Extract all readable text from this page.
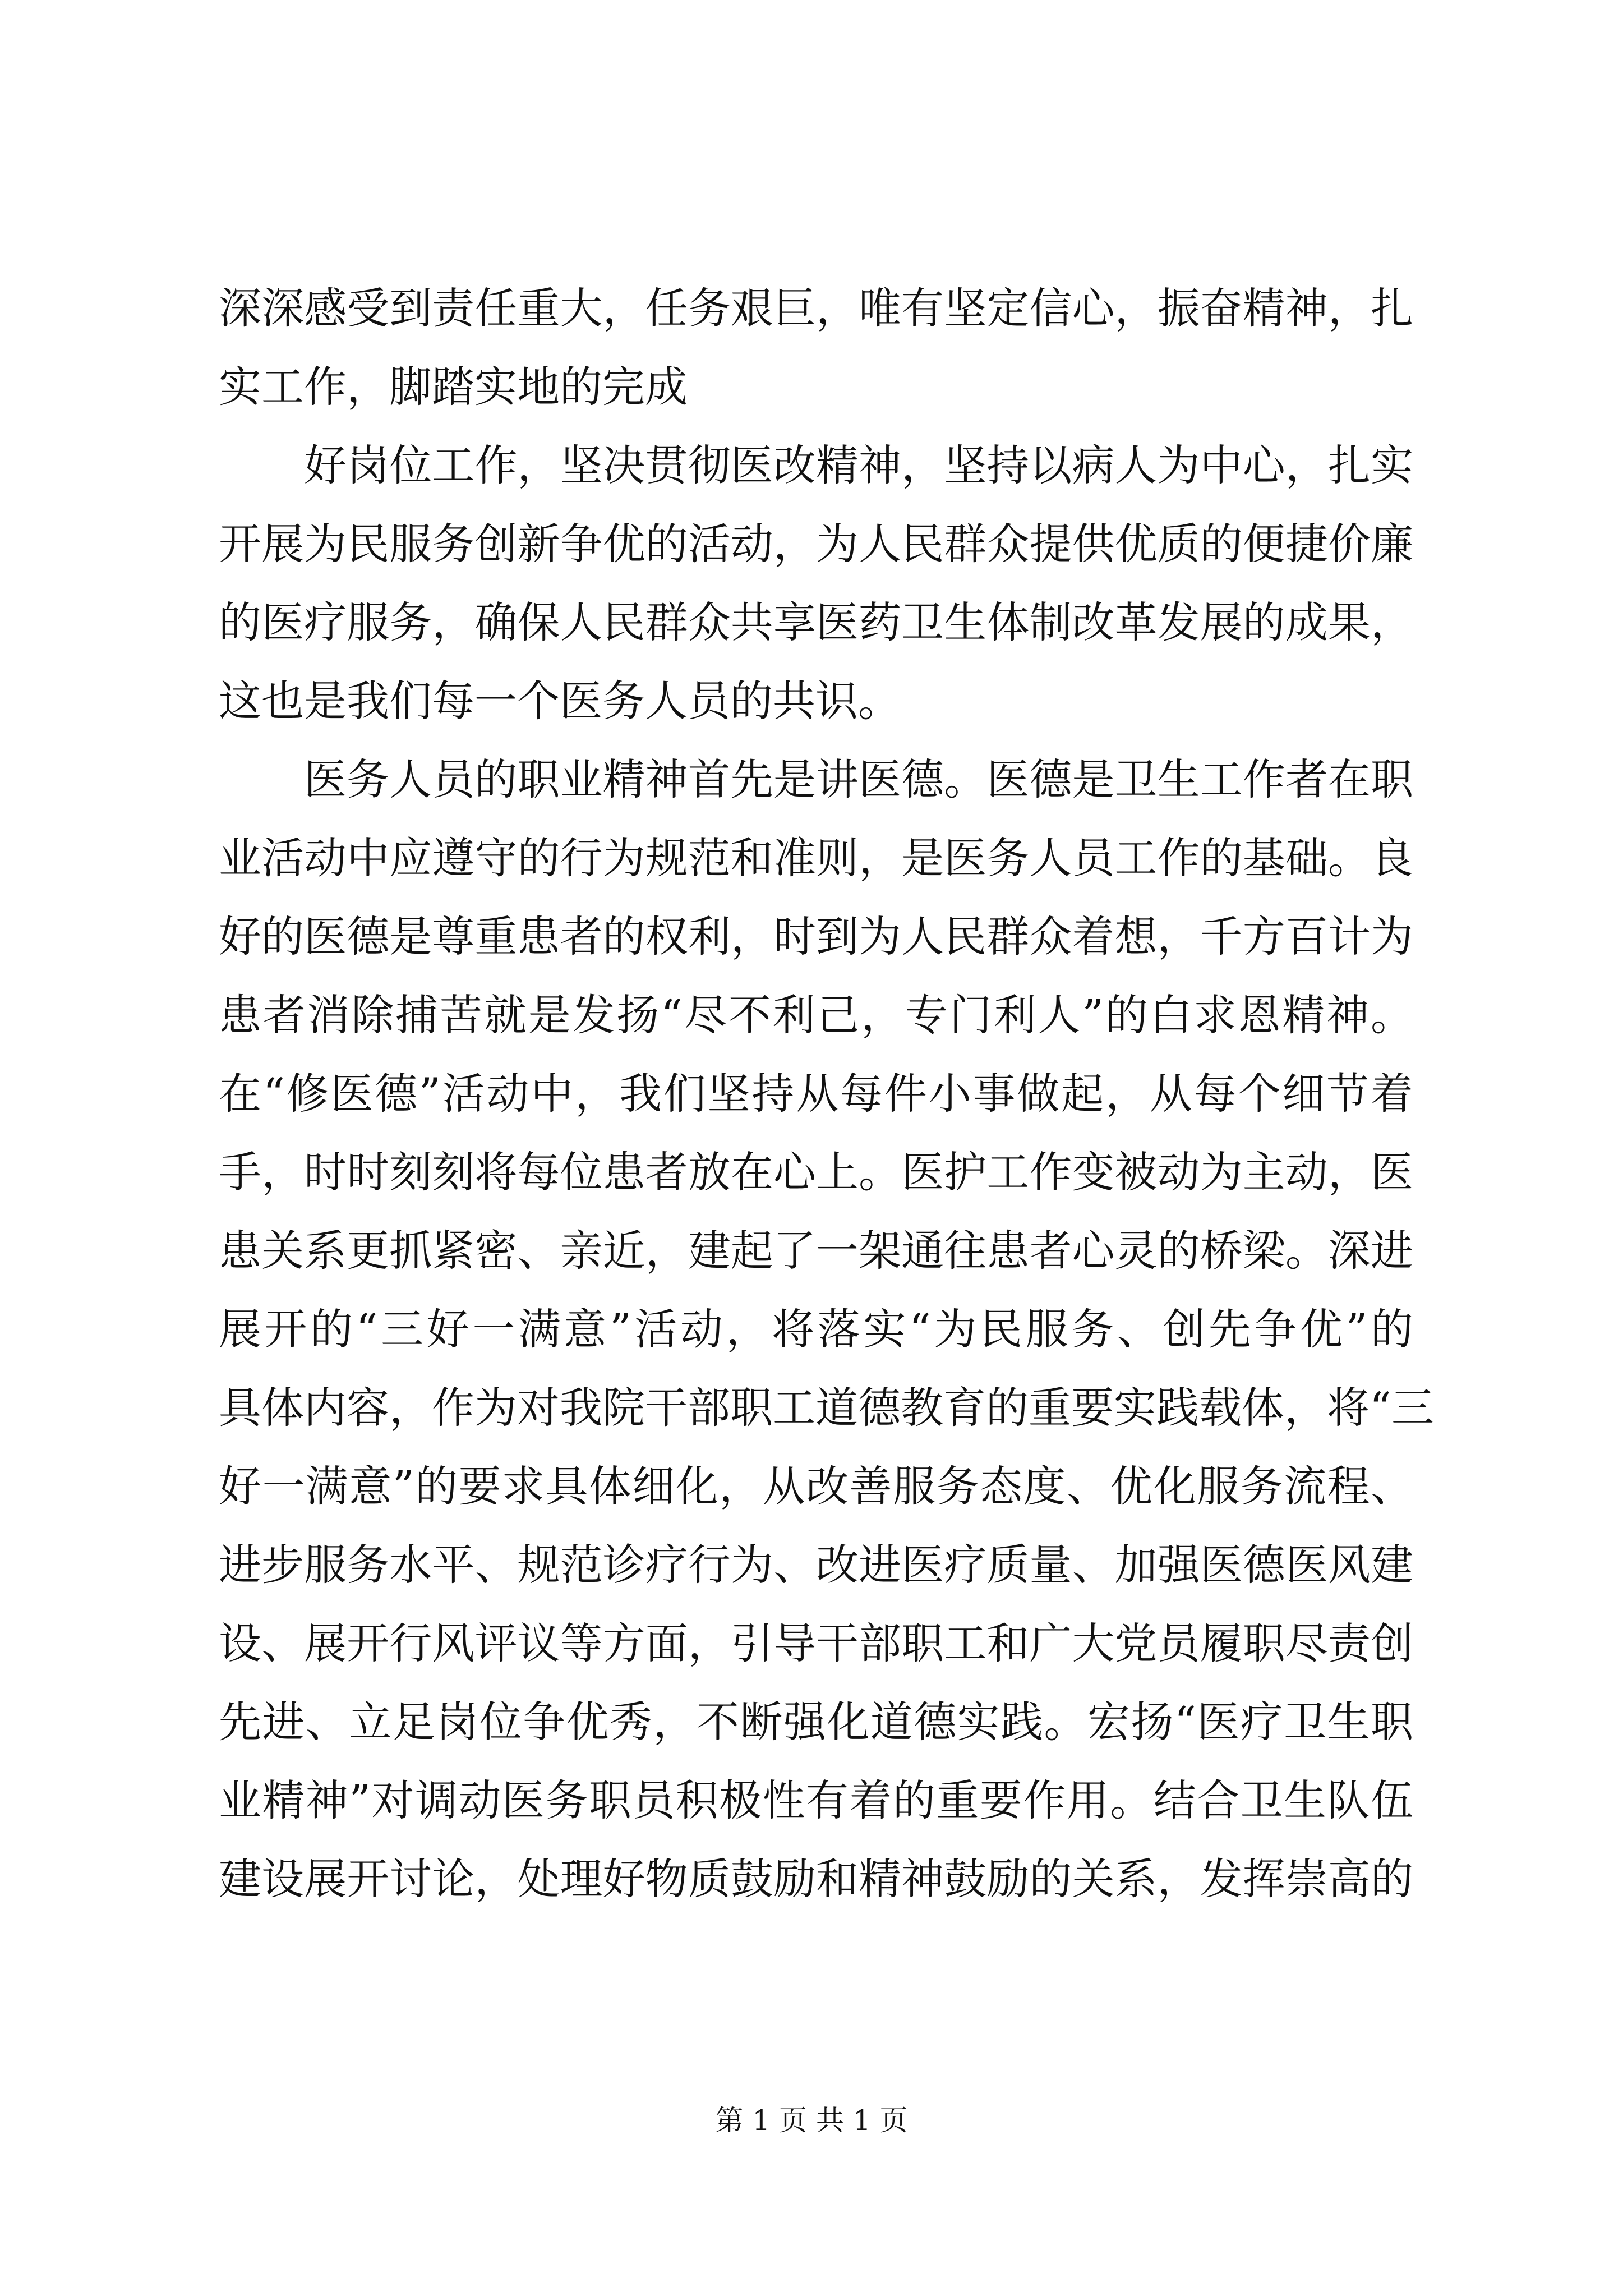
深深感受到责任重大，任务艰巨，唯有坚定信心，振奋精神，扎
实工作，脚踏实地的完成
好岗位工作，坚决贯彻医改精神，坚持以病人为中心，扎实
开展为民服务创新争优的活动，为人民群众提供优质的便捷价廉
的医疗服务，确保人民群众共享医药卫生体制改革发展的成果，
这也是我们每一个医务人员的共识。
医务人员的职业精神首先是讲医德。医德是卫生工作者在职
业活动中应遵守的行为规范和准则，是医务人员工作的基础。良
好的医德是尊重患者的权利，时到为人民群众着想，千方百计为
患者消除捕苦就是发扬“尽不利己，专门利人”的白求恩精神。
在“修医德”活动中，我们坚持从每件小事做起，从每个细节着
手，时时刻刻将每位患者放在心上。医护工作变被动为主动，医
患关系更抓紧密、亲近，建起了一架通往患者心灵的桥梁。深进
展开的“三好一满意”活动，将落实“为民服务、创先争优”的
具体内容，作为对我院干部职工道德教育的重要实践载体，将“三
好一满意”的要求具体细化，从改善服务态度、优化服务流程、
进步服务水平、规范诊疗行为、改进医疗质量、加强医德医风建
设、展开行风评议等方面，引导干部职工和广大党员履职尽责创
先进、立足岗位争优秀，不断强化道德实践。宏扬“医疗卫生职
业精神”对调动医务职员积极性有着的重要作用。结合卫生队伍
建设展开讨论，处理好物质鼓励和精神鼓励的关系，发挥崇高的
第 1 页 共 1 页
